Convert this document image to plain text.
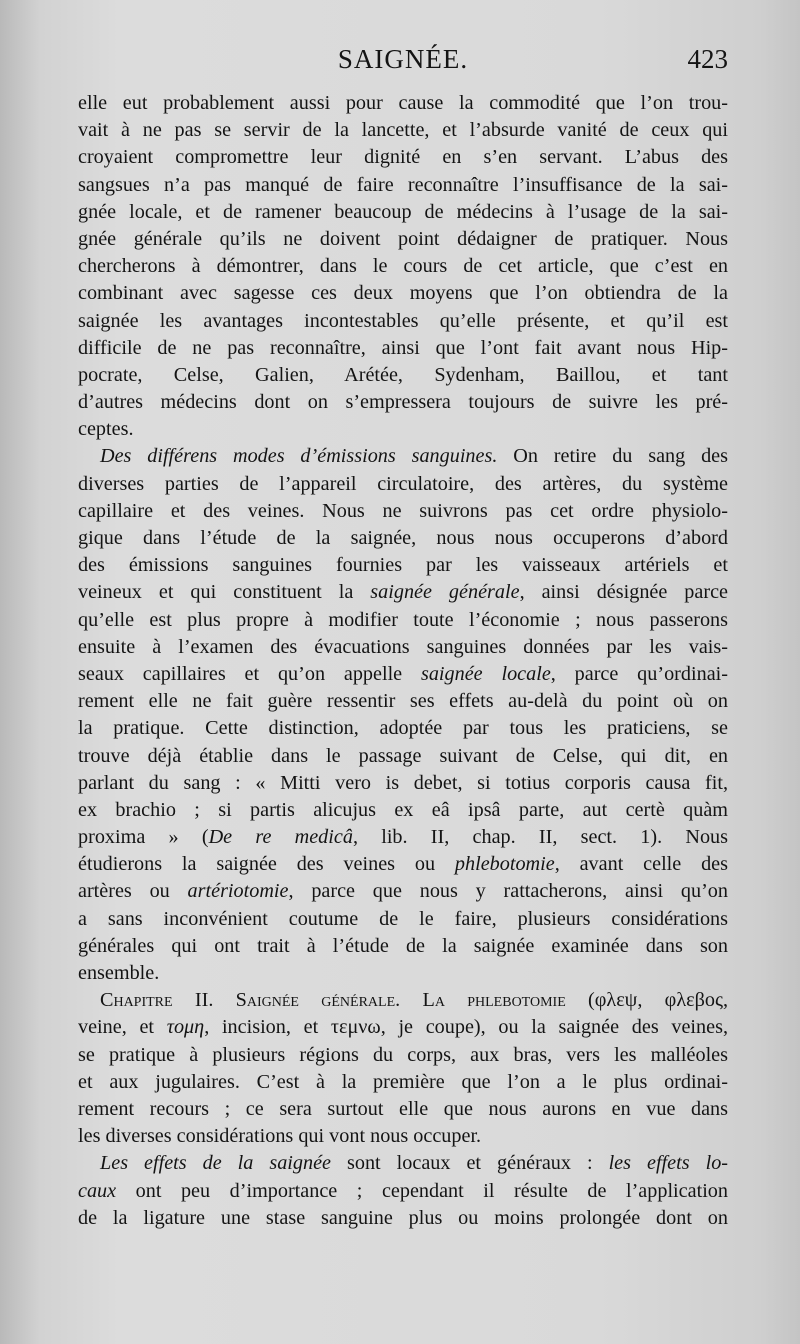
SAIGNÉE.	423
elle eut probablement aussi pour cause la commodité que l’on trou-
vait à ne pas se servir de la lancette, et l’absurde vanité de ceux qui
croyaient compromettre leur dignité en s’en servant. L’abus des
sangsues n’a pas manqué de faire reconnaître l’insuffisance de la sai-
gnée locale, et de ramener beaucoup de médecins à l’usage de la sai-
gnée générale qu’ils ne doivent point dédaigner de pratiquer. Nous
chercherons à démontrer, dans le cours de cet article, que c’est en
combinant avec sagesse ces deux moyens que l’on obtiendra de la
saignée les avantages incontestables qu’elle présente, et qu’il est
difficile de ne pas reconnaître, ainsi que l’ont fait avant nous Hip-
pocrate, Celse, Galien, Arétée, Sydenham, Baillou, et tant
d’autres médecins dont on s’empressera toujours de suivre les pré-
ceptes.
Des différens modes d’émissions sanguines. On retire du sang des
diverses parties de l’appareil circulatoire, des artères, du système
capillaire et des veines. Nous ne suivrons pas cet ordre physiolo-
gique dans l’étude de la saignée, nous nous occuperons d’abord
des émissions sanguines fournies par les vaisseaux artériels et
veineux et qui constituent la saignée générale, ainsi désignée parce
qu’elle est plus propre à modifier toute l’économie ; nous passerons
ensuite à l’examen des évacuations sanguines données par les vais-
seaux capillaires et qu’on appelle saignée locale, parce qu’ordinai-
rement elle ne fait guère ressentir ses effets au-delà du point où on
la pratique. Cette distinction, adoptée par tous les praticiens, se
trouve déjà établie dans le passage suivant de Celse, qui dit, en
parlant du sang : « Mitti vero is debet, si totius corporis causa fit,
ex brachio ; si partis alicujus ex eâ ipsâ parte, aut certè quàm
proxima » (De re medicâ, lib. II, chap. II, sect. 1). Nous
étudierons la saignée des veines ou phlebotomie, avant celle des
artères ou artériotomie, parce que nous y rattacherons, ainsi qu’on
a sans inconvénient coutume de le faire, plusieurs considérations
générales qui ont trait à l’étude de la saignée examinée dans son
ensemble.
Chapitre II. Saignée générale. La phlebotomie (φλεψ, φλεβος,
veine, et τομη, incision, et τεμνω, je coupe), ou la saignée des veines,
se pratique à plusieurs régions du corps, aux bras, vers les malléoles
et aux jugulaires. C’est à la première que l’on a le plus ordinai-
rement recours ; ce sera surtout elle que nous aurons en vue dans
les diverses considérations qui vont nous occuper.
Les effets de la saignée sont locaux et généraux : les effets lo-
caux ont peu d’importance ; cependant il résulte de l’application
de la ligature une stase sanguine plus ou moins prolongée dont on
